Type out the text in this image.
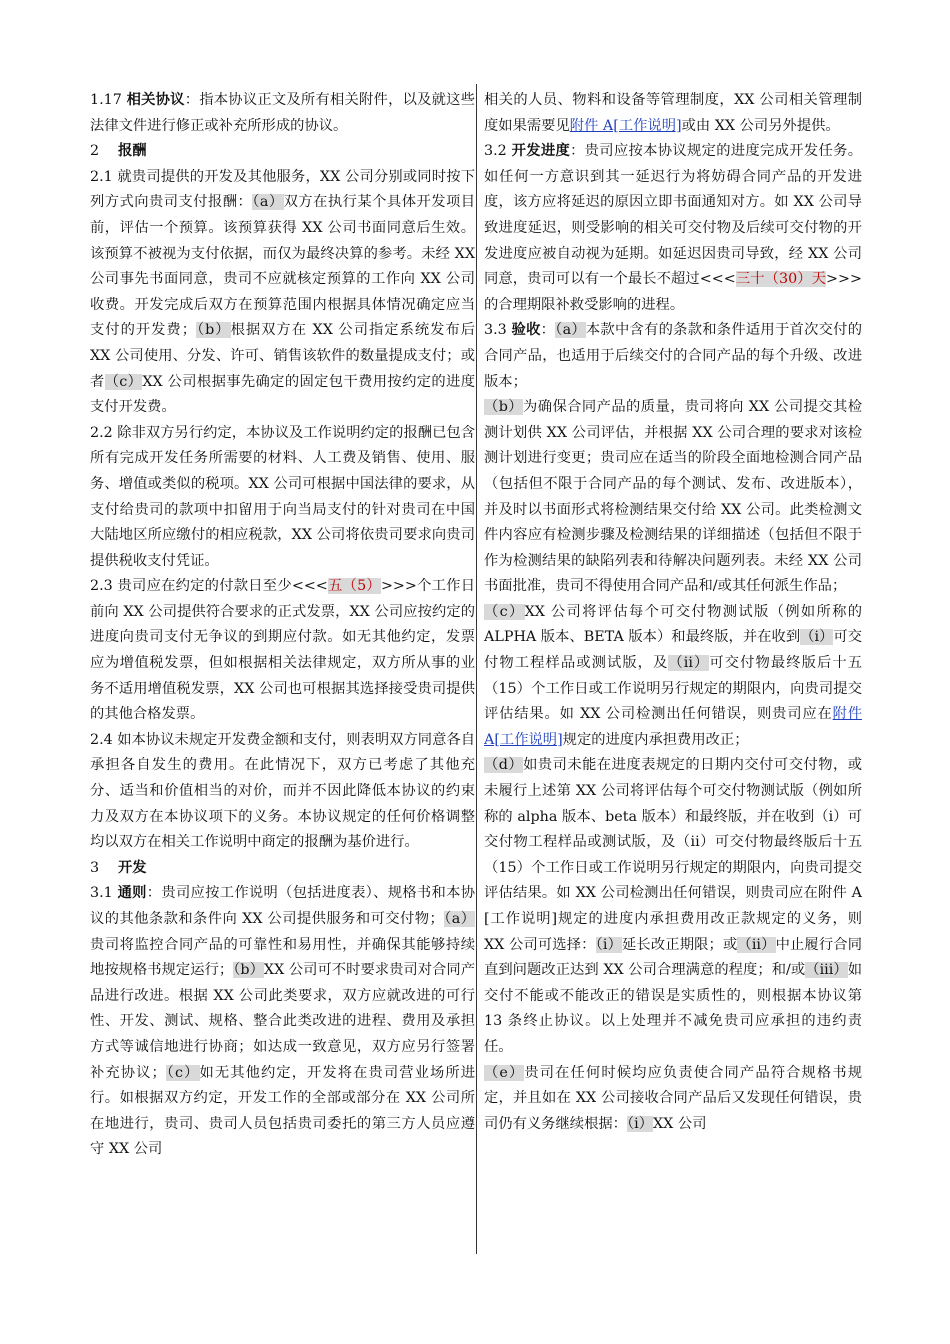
1.17 相关协议：指本协议正文及所有相关附件，以及就这些法律文件进行修正或补充所形成的协议。

2 报酬

2.1 就贵司提供的开发及其他服务，XX 公司分别或同时按下列方式向贵司支付报酬：（a）双方在执行某个具体开发项目前，评估一个预算。该预算获得 XX 公司书面同意后生效。该预算不被视为支付依据，而仅为最终决算的参考。未经 XX 公司事先书面同意，贵司不应就核定预算的工作向 XX 公司收费。开发完成后双方在预算范围内根据具体情况确定应当支付的开发费；（b）根据双方在 XX 公司指定系统发布后 XX 公司使用、分发、许可、销售该软件的数量提成支付；或者（c）XX 公司根据事先确定的固定包干费用按约定的进度支付开发费。

2.2 除非双方另行约定，本协议及工作说明约定的报酬已包含所有完成开发任务所需要的材料、人工费及销售、使用、服务、增值或类似的税项。XX 公司可根据中国法律的要求，从支付给贵司的款项中扣留用于向当局支付的针对贵司在中国大陆地区所应缴付的相应税款，XX 公司将依贵司要求向贵司提供税收支付凭证。

2.3 贵司应在约定的付款日至少<<<五（5）>>>个工作日前向 XX 公司提供符合要求的正式发票，XX 公司应按约定的进度向贵司支付无争议的到期应付款。如无其他约定，发票应为增值税发票，但如根据相关法律规定，双方所从事的业务不适用增值税发票，XX 公司也可根据其选择接受贵司提供的其他合格发票。

2.4 如本协议未规定开发费金额和支付，则表明双方同意各自承担各自发生的费用。在此情况下，双方已考虑了其他充分、适当和价值相当的对价，而并不因此降低本协议的约束力及双方在本协议项下的义务。本协议规定的任何价格调整均以双方在相关工作说明中商定的报酬为基价进行。

3 开发

3.1 通则：贵司应按工作说明（包括进度表）、规格书和本协议的其他条款和条件向 XX 公司提供服务和可交付物；（a）贵司将监控合同产品的可靠性和易用性，并确保其能够持续地按规格书规定运行；（b）XX 公司可不时要求贵司对合同产品进行改进。根据 XX 公司此类要求，双方应就改进的可行性、开发、测试、规格、整合此类改进的进程、费用及承担方式等诚信地进行协商；如达成一致意见，双方应另行签署补充协议；（c）如无其他约定，开发将在贵司营业场所进行。如根据双方约定，开发工作的全部或部分在 XX 公司所在地进行，贵司、贵司人员包括贵司委托的第三方人员应遵守 XX 公司

相关的人员、物料和设备等管理制度，XX 公司相关管理制度如果需要见附件 A[工作说明]或由 XX 公司另外提供。

3.2 开发进度：贵司应按本协议规定的进度完成开发任务。如任何一方意识到其一延迟行为将妨碍合同产品的开发进度，该方应将延迟的原因立即书面通知对方。如 XX 公司导致进度延迟，则受影响的相关可交付物及后续可交付物的开发进度应被自动视为延期。如延迟因贵司导致，经 XX 公司同意，贵司可以有一个最长不超过<<<三十（30）天>>>的合理期限补救受影响的进程。

3.3 验收：（a）本款中含有的条款和条件适用于首次交付的合同产品，也适用于后续交付的合同产品的每个升级、改进版本；

（b）为确保合同产品的质量，贵司将向 XX 公司提交其检测计划供 XX 公司评估，并根据 XX 公司合理的要求对该检测计划进行变更；贵司应在适当的阶段全面地检测合同产品（包括但不限于合同产品的每个测试、发布、改进版本），并及时以书面形式将检测结果交付给 XX 公司。此类检测文件内容应有检测步骤及检测结果的详细描述（包括但不限于作为检测结果的缺陷列表和待解决问题列表。未经 XX 公司书面批准，贵司不得使用合同产品和/或其任何派生作品；

（c）XX 公司将评估每个可交付物测试版（例如所称的 ALPHA 版本、BETA 版本）和最终版，并在收到（i）可交付物工程样品或测试版，及（ii）可交付物最终版后十五（15）个工作日或工作说明另行规定的期限内，向贵司提交评估结果。如 XX 公司检测出任何错误，则贵司应在附件 A[工作说明]规定的进度内承担费用改正；

（d）如贵司未能在进度表规定的日期内交付可交付物，或未履行上述第 XX 公司将评估每个可交付物测试版（例如所称的 alpha 版本、beta 版本）和最终版，并在收到（i）可交付物工程样品或测试版，及（ii）可交付物最终版后十五（15）个工作日或工作说明另行规定的期限内，向贵司提交评估结果。如 XX 公司检测出任何错误，则贵司应在附件 A [工作说明]规定的进度内承担费用改正款规定的义务，则 XX 公司可选择：（i）延长改正期限；或（ii）中止履行合同直到问题改正达到 XX 公司合理满意的程度；和/或（iii）如交付不能或不能改正的错误是实质性的，则根据本协议第 13 条终止协议。以上处理并不减免贵司应承担的违约责任。

（e）贵司在任何时候均应负责使合同产品符合规格书规定，并且如在 XX 公司接收合同产品后又发现任何错误，贵司仍有义务继续根据：（i）XX 公司
